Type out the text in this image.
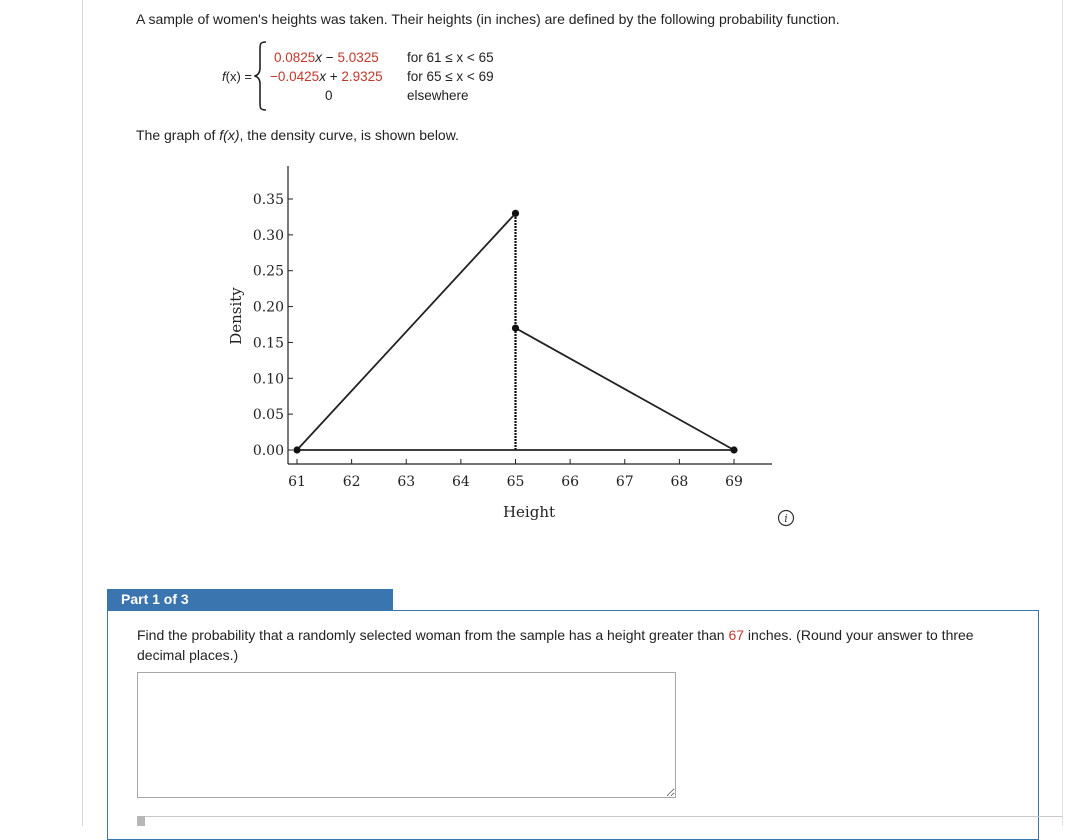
A sample of women's heights was taken. Their heights (in inches) are defined by the following probability function.
f(x) =
0.0825x − 5.0325 for 61 ≤ x < 65
−0.0425x + 2.9325 for 65 ≤ x < 69
0	elsewhere
The graph of f(x), the density curve, is shown below.
61	62	63	64	65	66	67	68	69
0.00
0.05
0.10
0.15
0.20
0.25
0.30
0.35
Height
Density
i
Part 1 of 3
Find the probability that a randomly selected woman from the sample has a height greater than 67 inches. (Round your answer to three decimal places.)
